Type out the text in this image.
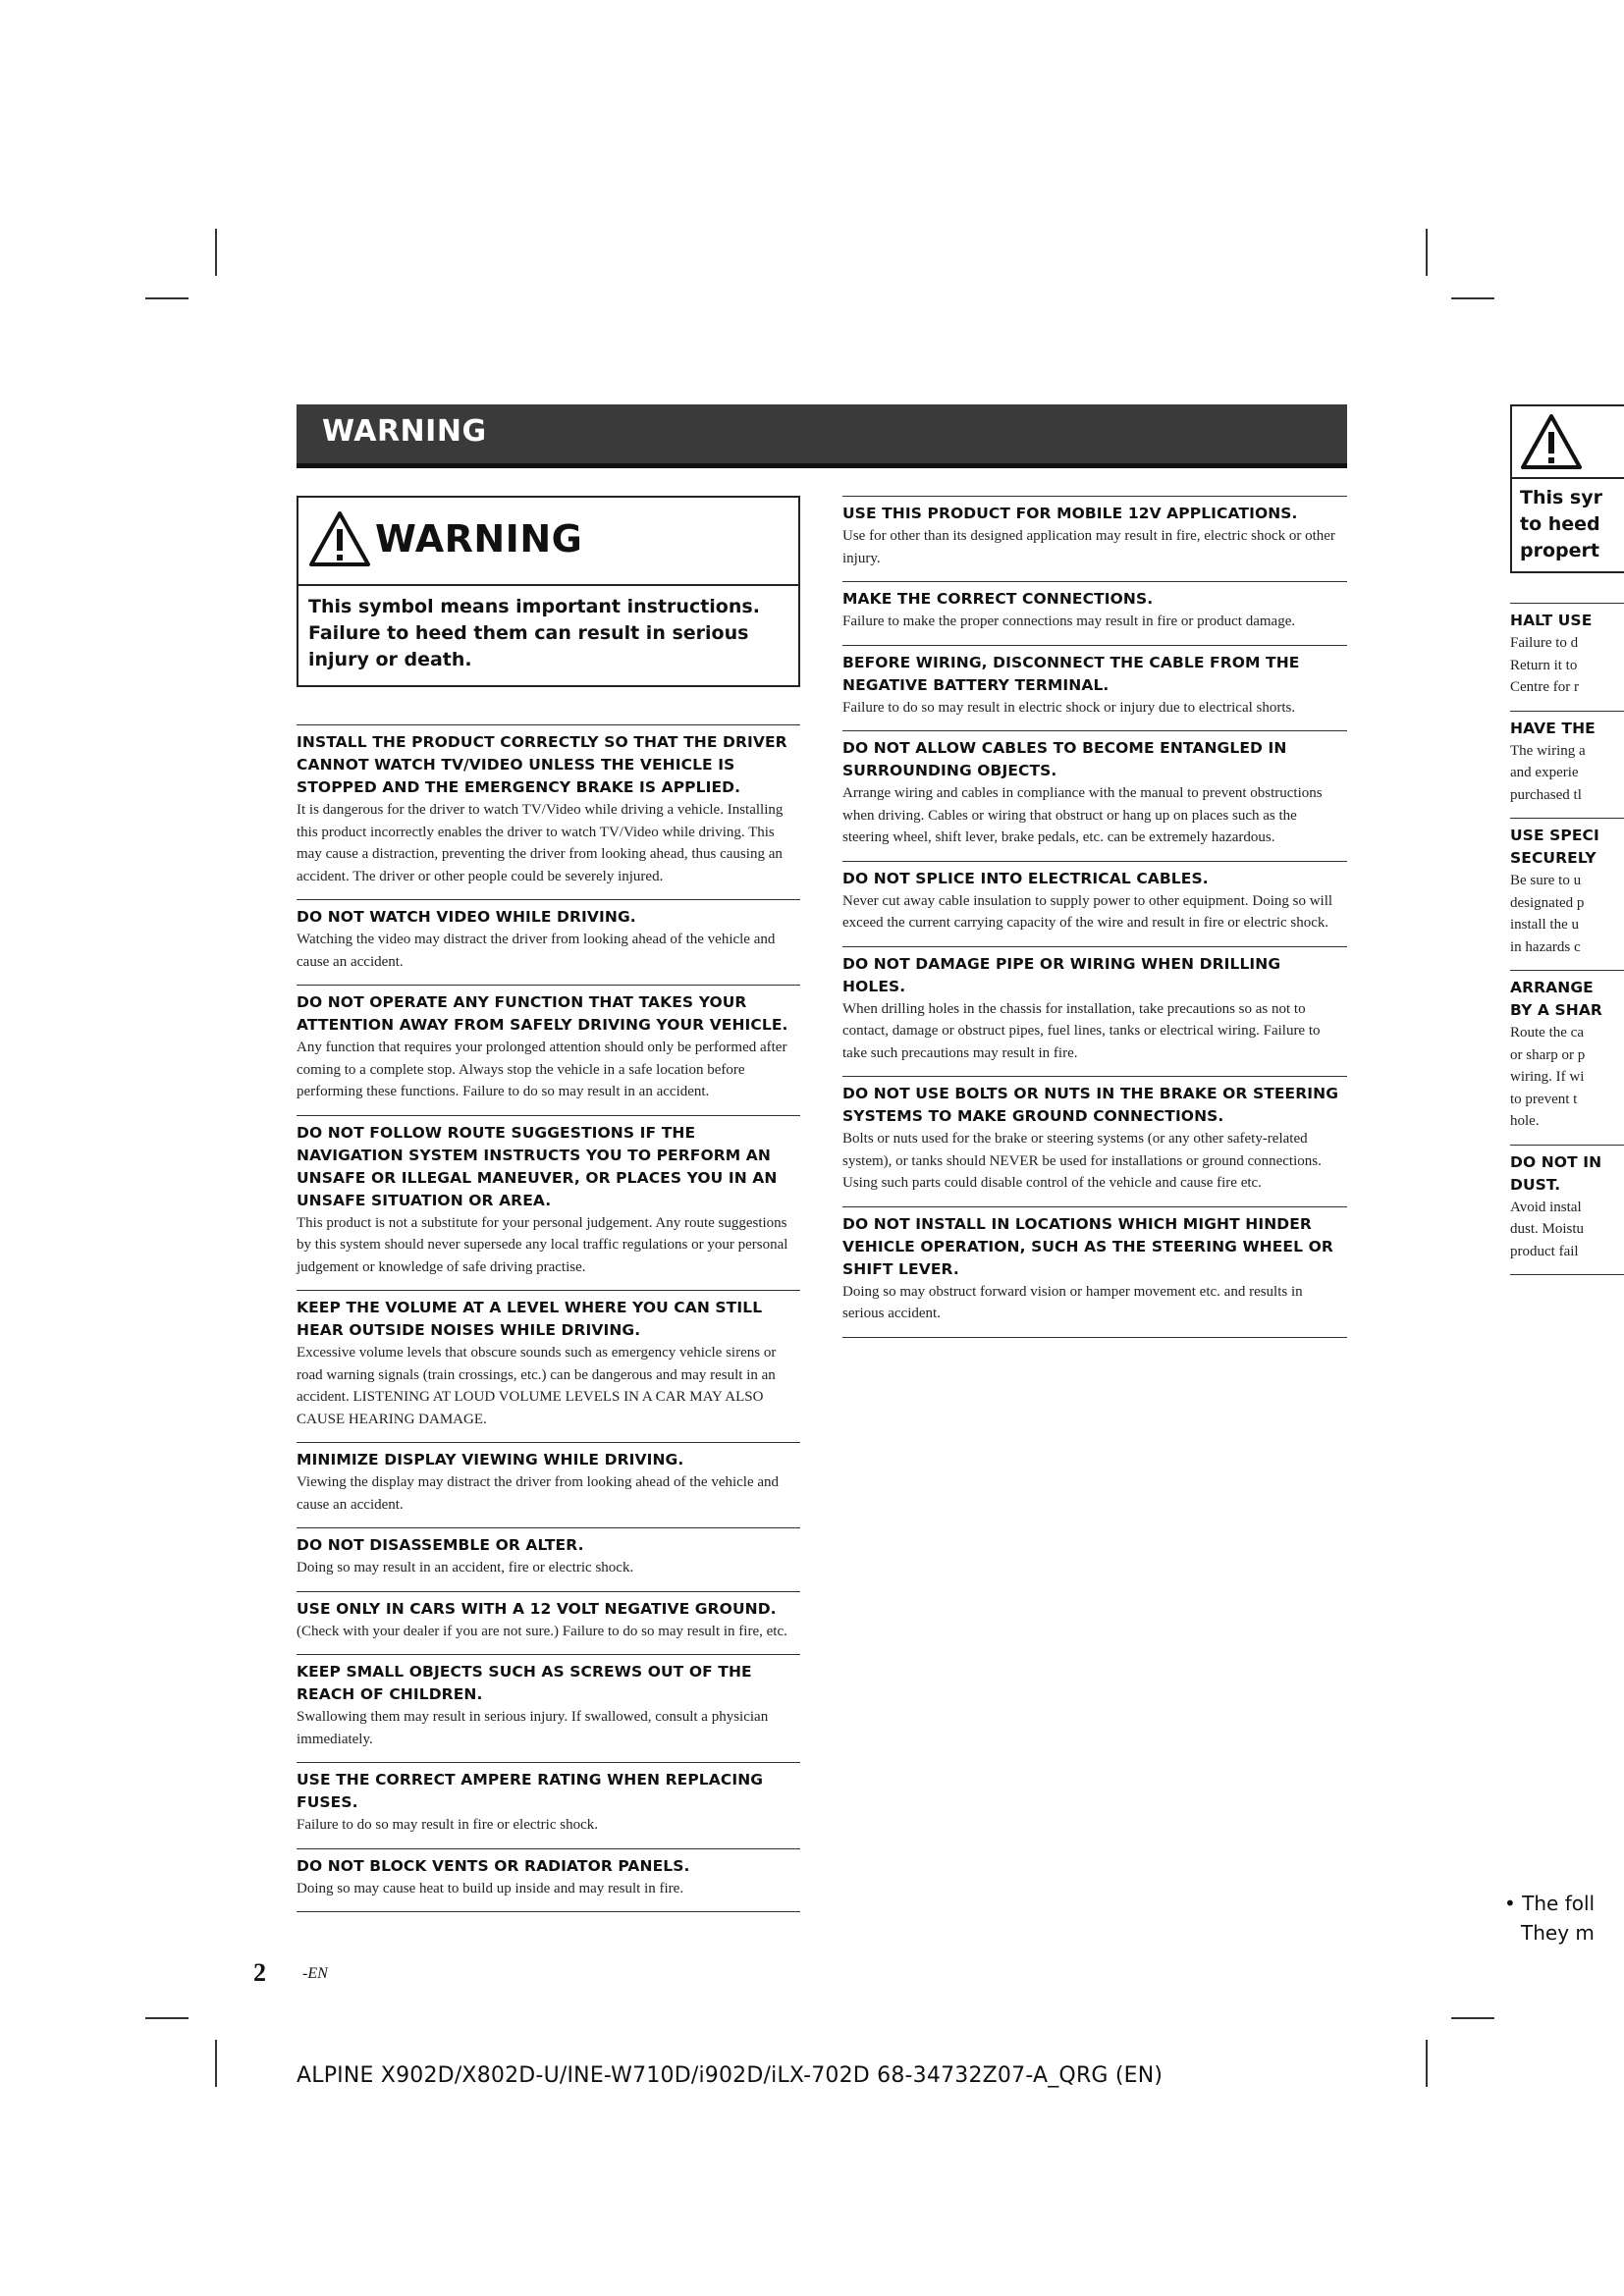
WARNING
WARNING
This symbol means important instructions. Failure to heed them can result in serious injury or death.
INSTALL THE PRODUCT CORRECTLY SO THAT THE DRIVER CANNOT WATCH TV/VIDEO UNLESS THE VEHICLE IS STOPPED AND THE EMERGENCY BRAKE IS APPLIED.
It is dangerous for the driver to watch TV/Video while driving a vehicle. Installing this product incorrectly enables the driver to watch TV/Video while driving. This may cause a distraction, preventing the driver from looking ahead, thus causing an accident. The driver or other people could be severely injured.
DO NOT WATCH VIDEO WHILE DRIVING.
Watching the video may distract the driver from looking ahead of the vehicle and cause an accident.
DO NOT OPERATE ANY FUNCTION THAT TAKES YOUR ATTENTION AWAY FROM SAFELY DRIVING YOUR VEHICLE.
Any function that requires your prolonged attention should only be performed after coming to a complete stop. Always stop the vehicle in a safe location before performing these functions. Failure to do so may result in an accident.
DO NOT FOLLOW ROUTE SUGGESTIONS IF THE NAVIGATION SYSTEM INSTRUCTS YOU TO PERFORM AN UNSAFE OR ILLEGAL MANEUVER, OR PLACES YOU IN AN UNSAFE SITUATION OR AREA.
This product is not a substitute for your personal judgement. Any route suggestions by this system should never supersede any local traffic regulations or your personal judgement or knowledge of safe driving practise.
KEEP THE VOLUME AT A LEVEL WHERE YOU CAN STILL HEAR OUTSIDE NOISES WHILE DRIVING.
Excessive volume levels that obscure sounds such as emergency vehicle sirens or road warning signals (train crossings, etc.) can be dangerous and may result in an accident. LISTENING AT LOUD VOLUME LEVELS IN A CAR MAY ALSO CAUSE HEARING DAMAGE.
MINIMIZE DISPLAY VIEWING WHILE DRIVING.
Viewing the display may distract the driver from looking ahead of the vehicle and cause an accident.
DO NOT DISASSEMBLE OR ALTER.
Doing so may result in an accident, fire or electric shock.
USE ONLY IN CARS WITH A 12 VOLT NEGATIVE GROUND.
(Check with your dealer if you are not sure.) Failure to do so may result in fire, etc.
KEEP SMALL OBJECTS SUCH AS SCREWS OUT OF THE REACH OF CHILDREN.
Swallowing them may result in serious injury. If swallowed, consult a physician immediately.
USE THE CORRECT AMPERE RATING WHEN REPLACING FUSES.
Failure to do so may result in fire or electric shock.
DO NOT BLOCK VENTS OR RADIATOR PANELS.
Doing so may cause heat to build up inside and may result in fire.
USE THIS PRODUCT FOR MOBILE 12V APPLICATIONS.
Use for other than its designed application may result in fire, electric shock or other injury.
MAKE THE CORRECT CONNECTIONS.
Failure to make the proper connections may result in fire or product damage.
BEFORE WIRING, DISCONNECT THE CABLE FROM THE NEGATIVE BATTERY TERMINAL.
Failure to do so may result in electric shock or injury due to electrical shorts.
DO NOT ALLOW CABLES TO BECOME ENTANGLED IN SURROUNDING OBJECTS.
Arrange wiring and cables in compliance with the manual to prevent obstructions when driving. Cables or wiring that obstruct or hang up on places such as the steering wheel, shift lever, brake pedals, etc. can be extremely hazardous.
DO NOT SPLICE INTO ELECTRICAL CABLES.
Never cut away cable insulation to supply power to other equipment. Doing so will exceed the current carrying capacity of the wire and result in fire or electric shock.
DO NOT DAMAGE PIPE OR WIRING WHEN DRILLING HOLES.
When drilling holes in the chassis for installation, take precautions so as not to contact, damage or obstruct pipes, fuel lines, tanks or electrical wiring. Failure to take such precautions may result in fire.
DO NOT USE BOLTS OR NUTS IN THE BRAKE OR STEERING SYSTEMS TO MAKE GROUND CONNECTIONS.
Bolts or nuts used for the brake or steering systems (or any other safety-related system), or tanks should NEVER be used for installations or ground connections. Using such parts could disable control of the vehicle and cause fire etc.
DO NOT INSTALL IN LOCATIONS WHICH MIGHT HINDER VEHICLE OPERATION, SUCH AS THE STEERING WHEEL OR SHIFT LEVER.
Doing so may obstruct forward vision or hamper movement etc. and results in serious accident.
This syr
to heed
propert
HALT USE
Failure to d
Return it to
Centre for r
HAVE THE
The wiring a
and experie
purchased tl
USE SPECI
SECURELY
Be sure to u
designated p
install the u
in hazards c
ARRANGE
BY A SHAR
Route the ca
or sharp or p
wiring. If wi
to prevent t
hole.
DO NOT IN
DUST.
Avoid instal
dust. Moistu
product fail
• The foll
They m
2 -EN
ALPINE X902D/X802D-U/INE-W710D/i902D/iLX-702D 68-34732Z07-A_QRG (EN)
